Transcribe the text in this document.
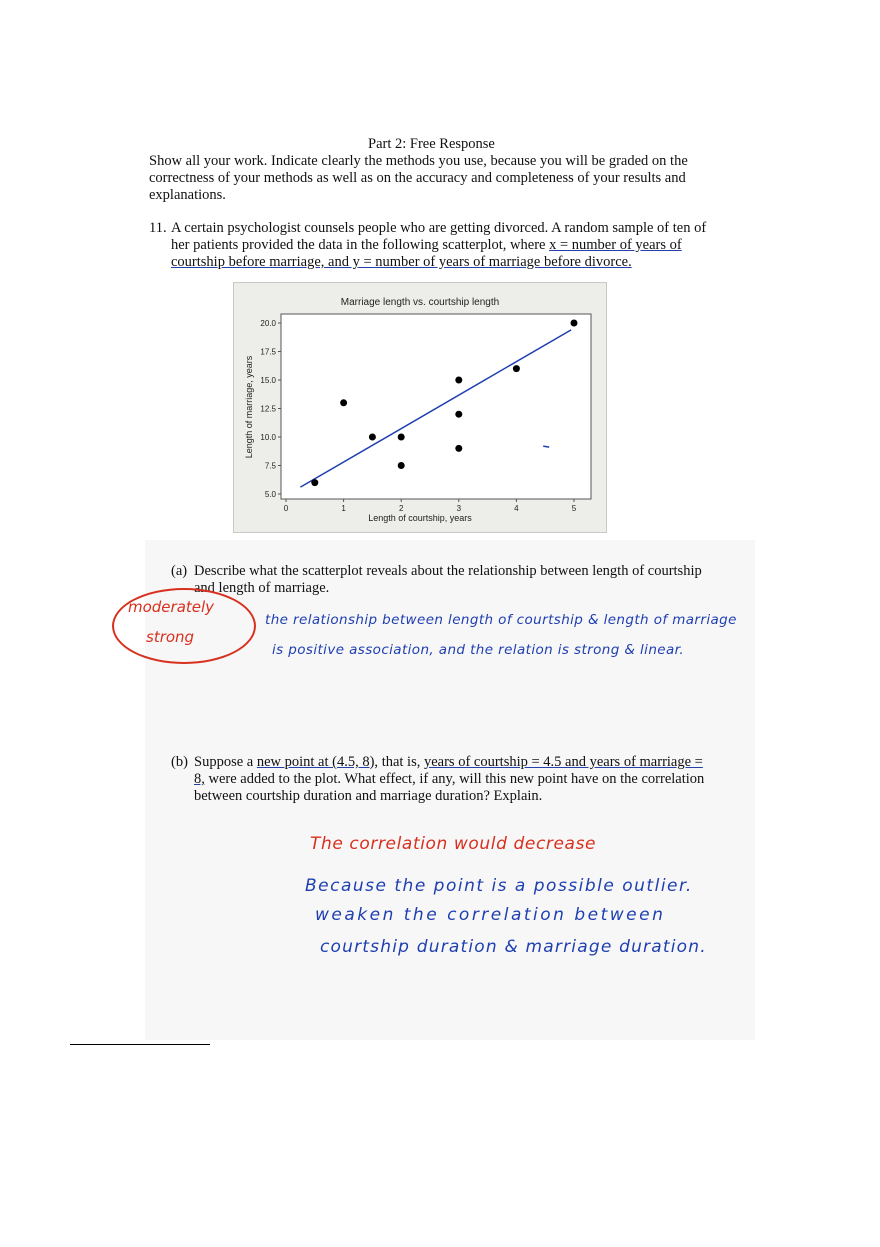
Part 2: Free Response
Show all your work. Indicate clearly the methods you use, because you will be graded on the
correctness of your methods as well as on the accuracy and completeness of your results and
explanations.
11. A certain psychologist counsels people who are getting divorced. A random sample of ten of
her patients provided the data in the following scatterplot, where x = number of years of
courtship before marriage, and y = number of years of marriage before divorce.
Marriage length vs. courtship length
Length of courtship, years
Length of marriage, years
0	1	2	3	4	5
5.0
7.5
10.0
12.5
15.0
17.5
20.0
(a) Describe what the scatterplot reveals about the relationship between length of courtship
and length of marriage.
moderately
strong
the relationship between length of courtship & length of marriage
is positive association, and the relation is strong & linear.
(b) Suppose a new point at (4.5, 8), that is, years of courtship = 4.5 and years of marriage =
8, were added to the plot. What effect, if any, will this new point have on the correlation
between courtship duration and marriage duration? Explain.
The correlation would decrease
Because the point is a possible outlier.
weaken the correlation between
courtship duration & marriage duration.
